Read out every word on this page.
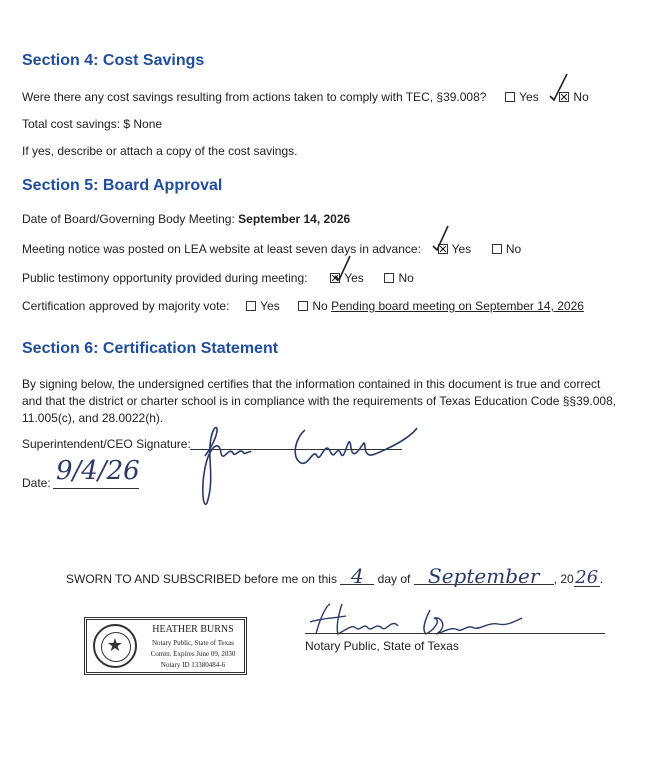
Section 4: Cost Savings
Were there any cost savings resulting from actions taken to comply with TEC, §39.008?	Yes	No
Total cost savings: $ None
If yes, describe or attach a copy of the cost savings.
Section 5: Board Approval
Date of Board/Governing Body Meeting: September 14, 2026
Meeting notice was posted on LEA website at least seven days in advance:	Yes	No
Public testimony opportunity provided during meeting:	Yes	No
Certification approved by majority vote:	Yes	No Pending board meeting on September 14, 2026
Section 6: Certification Statement
By signing below, the undersigned certifies that the information contained in this document is true and correct
and that the district or charter school is in compliance with the requirements of Texas Education Code §§39.008,
11.005(c), and 28.0022(h).
Superintendent/CEO Signature:
Date: 9/4/26
SWORN TO AND SUBSCRIBED before me on this 4 day of September , 2026 .
★
HEATHER BURNS
Notary Public, State of Texas
Comm. Expires June 09, 2030
Notary ID 13380484-6
Notary Public, State of Texas
